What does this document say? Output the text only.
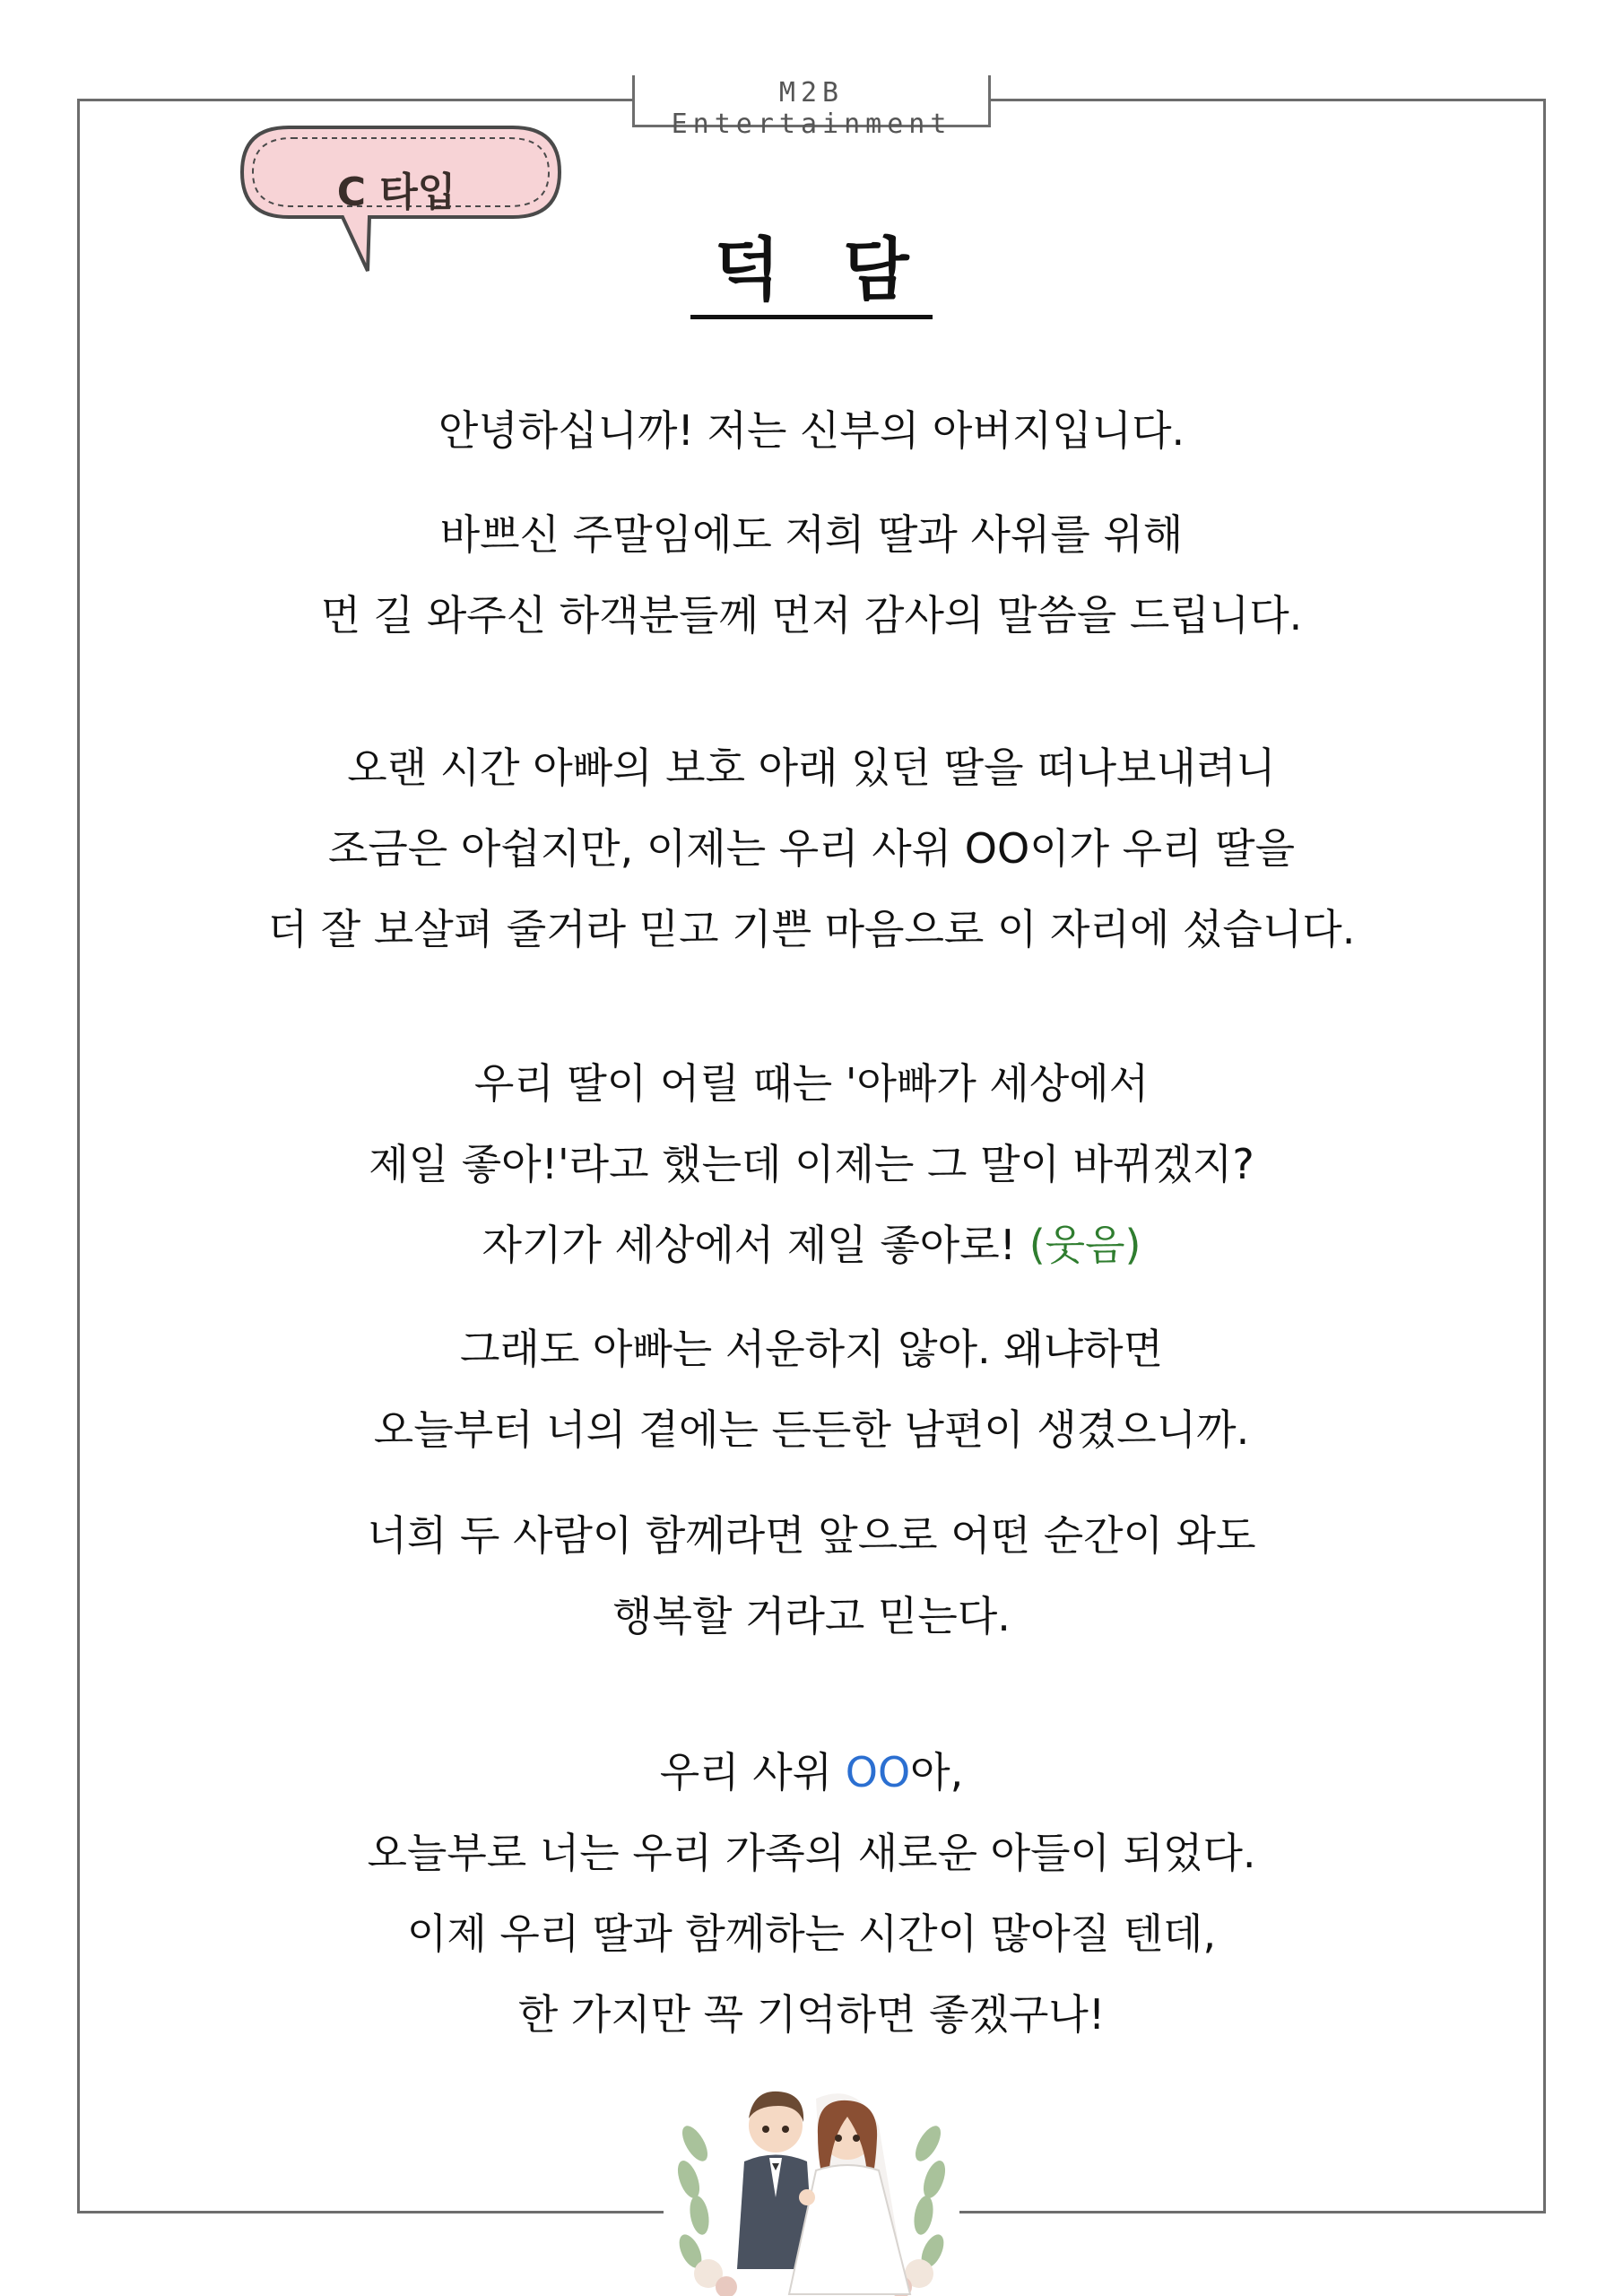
M2B Entertainment
C 타입
덕 담
안녕하십니까! 저는 신부의 아버지입니다.
바쁘신 주말임에도 저희 딸과 사위를 위해
먼 길 와주신 하객분들께 먼저 감사의 말씀을 드립니다.
오랜 시간 아빠의 보호 아래 있던 딸을 떠나보내려니
조금은 아쉽지만, 이제는 우리 사위 OO이가 우리 딸을
더 잘 보살펴 줄거라 믿고 기쁜 마음으로 이 자리에 섰습니다.
우리 딸이 어릴 때는 '아빠가 세상에서
제일 좋아!'라고 했는데 이제는 그 말이 바뀌겠지?
자기가 세상에서 제일 좋아로! (웃음)
그래도 아빠는 서운하지 않아. 왜냐하면
오늘부터 너의 곁에는 든든한 남편이 생겼으니까.
너희 두 사람이 함께라면 앞으로 어떤 순간이 와도
행복할 거라고 믿는다.
우리 사위 OO아,
오늘부로 너는 우리 가족의 새로운 아들이 되었다.
이제 우리 딸과 함께하는 시간이 많아질 텐데,
한 가지만 꼭 기억하면 좋겠구나!
